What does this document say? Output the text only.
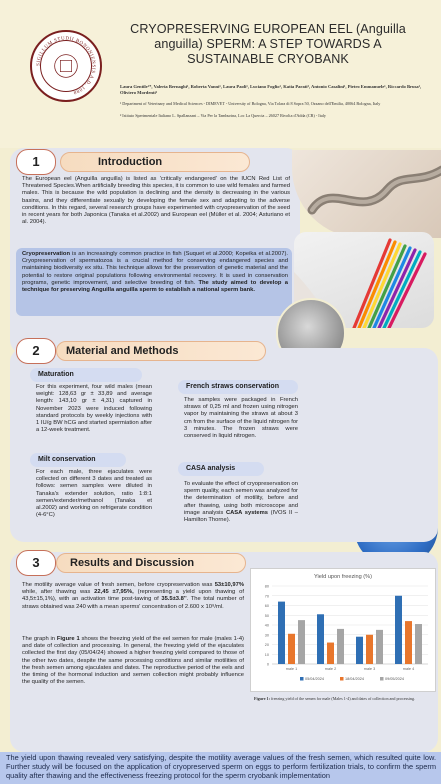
SIGILLUM STUDII BONONIENSIS A.D. 1088
CRYOPRESERVING EUROPEAN EEL (Anguilla anguilla) SPERM: A STEP TOWARDS A SUSTAINABLE CRYOBANK
Laura Gentile¹*, Valeria Bernaghi¹, Roberta Vanni¹, Laura Paoli¹, Luciano Foglio¹, Katia Parati², Antonio Casalini¹, Pietro Emmanuele¹, Riccardo Brusa¹, Oliviero Mordenti¹
¹ Department of Veterinary and Medical Sciences - DIMEVET - University of Bologna, Via Tolara di 8 Sopra 50, Ozzano dell'Emilia, 40064 Bologna, Italy
² Istituto Sperimentale Italiano L. Spallanzani – Via Per la Tamburina, Loc La Quercia – 26027 Rivolta d'Adda (CR) - Italy
1	Introduction
The European eel (Anguilla anguilla) is listed as 'critically endangered' on the IUCN Red List of Threatened Species.When artificially breeding this species, it is common to use wild females and farmed males. This is because the wild population is declining and the density is decreasing in the various basins, and they differentiate sexually by developing the female sex and adapting to the adverse conditions. In this regard, several research groups have experimented with cryopreservation of the seed in recent years for both Japonica (Tanaka et al.2002) and European eel (Müller et al. 2004; Asturiano et al. 2004).
Cryopreservation is an increasingly common practice in fish (Suquet et al.2000; Kopeika et al.2007). Cryopreservation of spermatozoa is a crucial method for conserving endangered species and maintaining biodiversity ex situ. This technique allows for the preservation of genetic material and the potential to restore original populations following environmental recovery. It is used in conservation programs, genetic improvement, and selective breeding of fish. The study aimed to develop a technique for preserving Anguilla anguilla sperm to establish a national sperm bank.
2	Material and Methods
Maturation
For this experiment, four wild males (mean weight: 128,63 gr ± 33,89 and average length: 143,10 gr ± 4,31) captured in November 2023 were induced following standard protocols by weekly injections with 1 IU/g BW hCG and started spermiation after a 12-week treatment.
Milt conservation
For each male, three ejaculates were collected on different 3 dates and treated as follows: semen samples were diluted in Tanaka's extender solution, ratio 1:8:1 semen/extender/methanol (Tanaka et al.2002) and working on refrigerate condition (4-6°C)
French straws conservation
The samples were packaged in French straws of 0,25 ml and frozen using nitrogen vapor by maintaining the straws at about 3 cm from the surface of the liquid nitrogen for 3 minutes. The frozen straws were conserved in liquid nitrogen.
CASA analysis
To evaluate the effect of cryopreservation on sperm quality, each semen was analyzed for the determination of motility, before and after thawing, using both microscope and image analysis CASA systems (IVOS II – Hamilton Thorne).
3	Results and Discussion
The motility average value of fresh semen, before cryopreservation was 53±10,97% while, after thawing was 22,45 ±7,95%, (representing a yield upon thawing of 43,5±15,1%), with an activation time post-tawing of 35.5±3.8''. The total number of straws obtained was 240 with a mean sperms' concentration of 2.600 x 10⁹/ml.
The graph in Figure 1 shows the freezing yield of the eel semen for male (males 1-4) and date of collection and processing. In general, the freezing yield of the ejaculates collected the first day (05/04/24) showed a higher freezing yield compared to those of the other two dates, despite the same processing conditions and similar motilities of the fresh semen among ejaculates and dates. The reproductive period of the eels and the timing of the hormonal induction and semen collection might probably influence the quality of the semen.
Yield upon freezing (%)
0
10
20
30
40
50
60
70
80
male 1	male 2	male 3	male 4
05/04/2024	18/04/2024	09/05/2024
Figure 1: freezing yield of the semen for male (Males 1-4) and dates of collection and processing.
The yield upon thawing revealed very satisfying, despite the motility average values of the fresh semen, which resulted quite low. Further study will be focused on the application of cryopreserved sperm on eggs to perform fertilization trials, to confirm the sperm quality after thawing and the effectiveness freezing protocol for the sperm cryobank implementation
